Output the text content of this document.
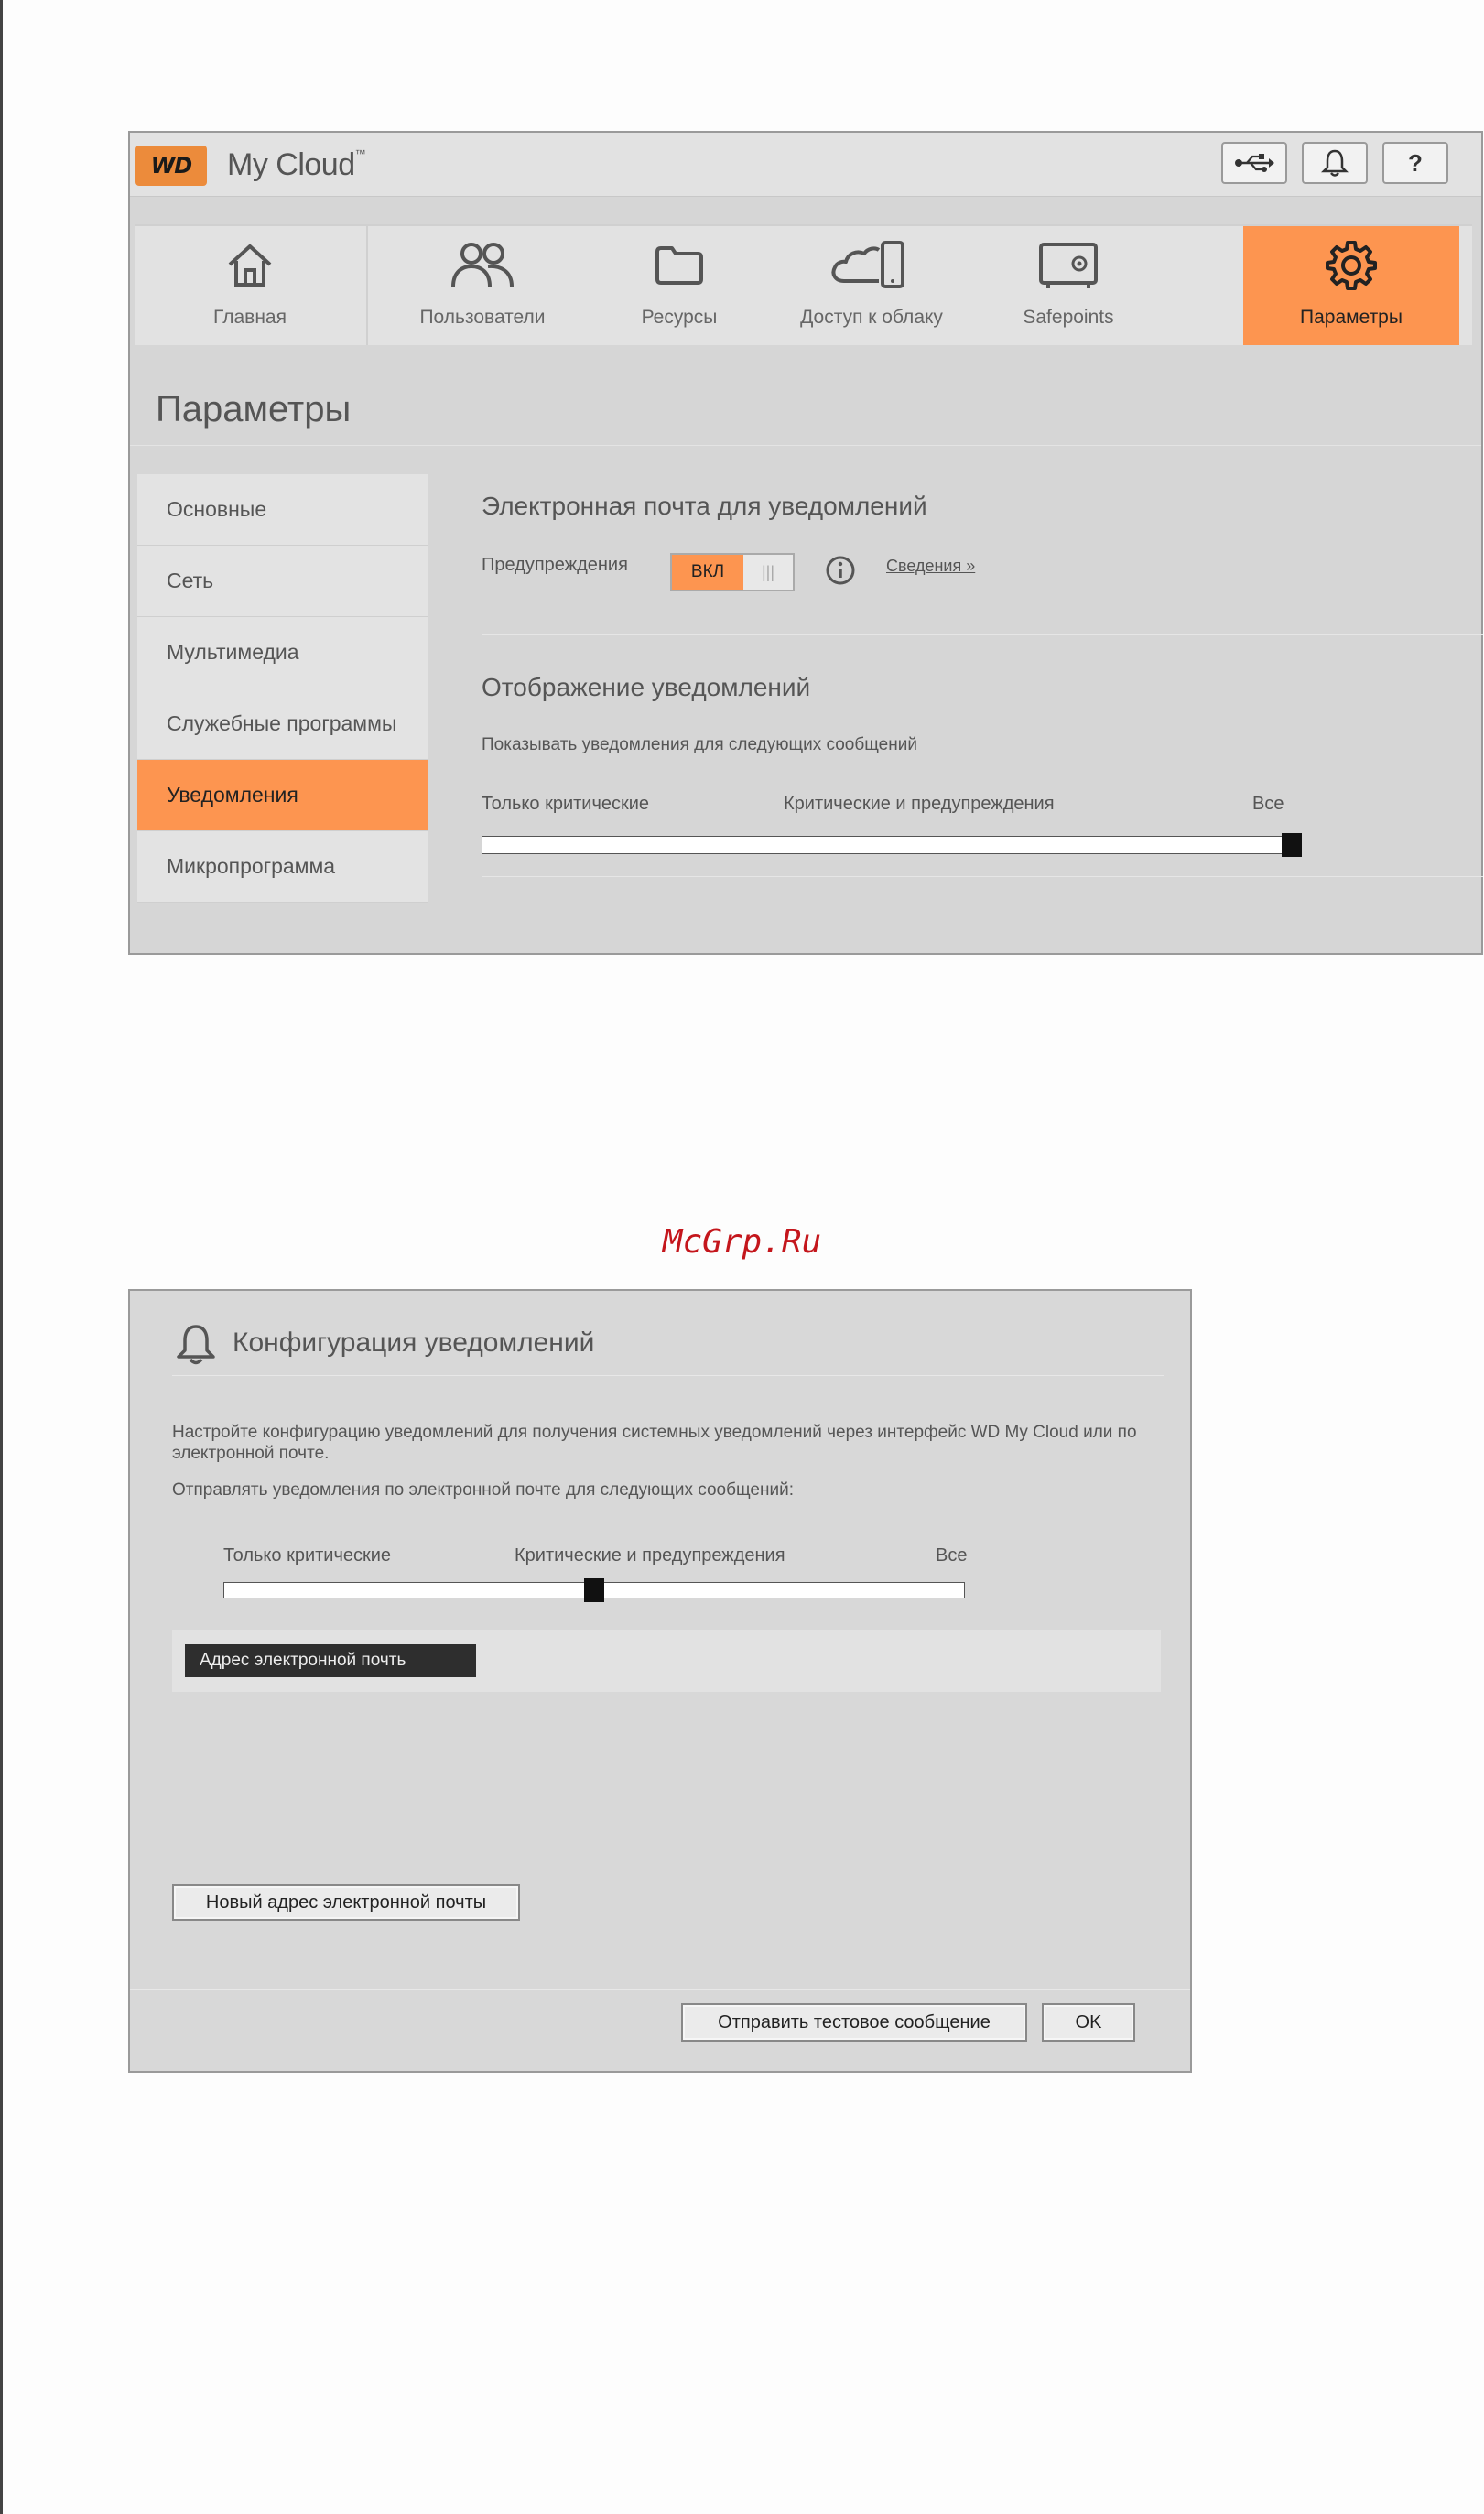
WD My Cloud™	?
Главная	Пользователи	Ресурсы	Доступ к облаку	Safepoints	Параметры
Параметры
Основные
Сеть
Мультимедиа
Служебные программы
Уведомления
Микропрограмма
Электронная почта для уведомлений
Предупреждения	ВКЛ	|||	Сведения »
Отображение уведомлений
Показывать уведомления для следующих сообщений
Только критические	Критические и предупреждения	Все
McGrp.Ru
Конфигурация уведомлений
Настройте конфигурацию уведомлений для получения системных уведомлений через интерфейс WD My Cloud или по электронной почте.
Отправлять уведомления по электронной почте для следующих сообщений:
Только критические	Критические и предупреждения	Все
Адрес электронной почть
Новый адрес электронной почты
Отправить тестовое сообщение	OK
